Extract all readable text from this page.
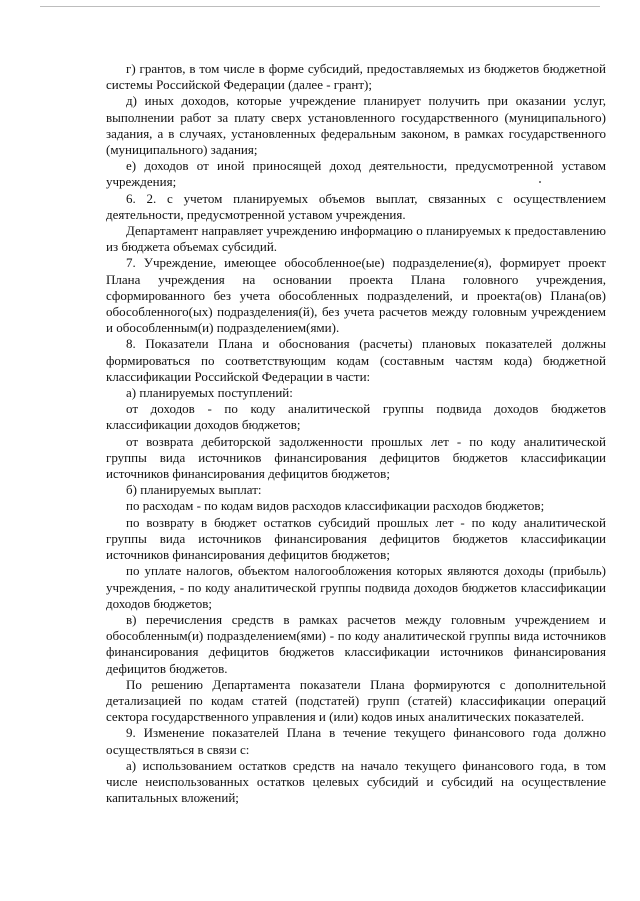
г) грантов, в том числе в форме субсидий, предоставляемых из бюджетов бюджетной системы Российской Федерации (далее - грант);

д) иных доходов, которые учреждение планирует получить при оказании услуг, выполнении работ за плату сверх установленного государственного (муниципального) задания, а в случаях, установленных федеральным законом, в рамках государственного (муниципального) задания;

е) доходов от иной приносящей доход деятельности, предусмотренной уставом учреждения;

6. 2. с учетом планируемых объемов выплат, связанных с осуществлением деятельности, предусмотренной уставом учреждения.

Департамент направляет учреждению информацию о планируемых к предоставлению из бюджета объемах субсидий.

7. Учреждение, имеющее обособленное(ые) подразделение(я), формирует проект Плана учреждения на основании проекта Плана головного учреждения, сформированного без учета обособленных подразделений, и проекта(ов) Плана(ов) обособленного(ых) подразделения(й), без учета расчетов между головным учреждением и обособленным(и) подразделением(ями).

8. Показатели Плана и обоснования (расчеты) плановых показателей должны формироваться по соответствующим кодам (составным частям кода) бюджетной классификации Российской Федерации в части:

а) планируемых поступлений:

от доходов - по коду аналитической группы подвида доходов бюджетов классификации доходов бюджетов;

от возврата дебиторской задолженности прошлых лет - по коду аналитической группы вида источников финансирования дефицитов бюджетов классификации источников финансирования дефицитов бюджетов;

б) планируемых выплат:

по расходам - по кодам видов расходов классификации расходов бюджетов;

по возврату в бюджет остатков субсидий прошлых лет - по коду аналитической группы вида источников финансирования дефицитов бюджетов классификации источников финансирования дефицитов бюджетов;

по уплате налогов, объектом налогообложения которых являются доходы (прибыль) учреждения, - по коду аналитической группы подвида доходов бюджетов классификации доходов бюджетов;

в) перечисления средств в рамках расчетов между головным учреждением и обособленным(и) подразделением(ями) - по коду аналитической группы вида источников финансирования дефицитов бюджетов классификации источников финансирования дефицитов бюджетов.

По решению Департамента показатели Плана формируются с дополнительной детализацией по кодам статей (подстатей) групп (статей) классификации операций сектора государственного управления и (или) кодов иных аналитических показателей.

9. Изменение показателей Плана в течение текущего финансового года должно осуществляться в связи с:

а) использованием остатков средств на начало текущего финансового года, в том числе неиспользованных остатков целевых субсидий и субсидий на осуществление капитальных вложений;
